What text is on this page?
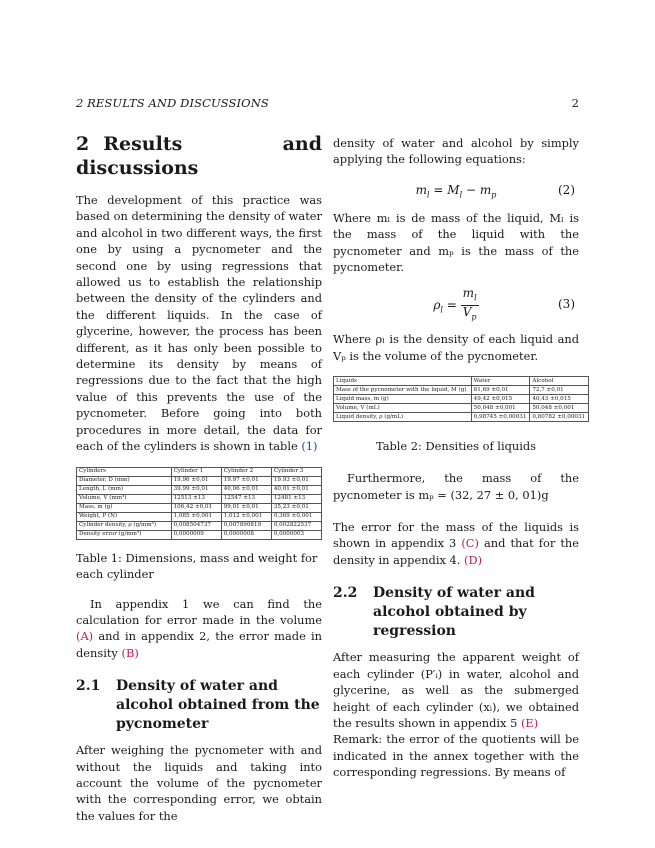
2 RESULTS AND DISCUSSIONS	2
2 Results and discussions

The development of this practice was based on determining the density of water and alcohol in two different ways, the first one by using a pycnometer and the second one by using regressions that allowed us to establish the relationship between the density of the cylinders and the different liquids. In the case of glycerine, however, the process has been different, as it has only been possible to determine its density by means of regressions due to the fact that the high value of this prevents the use of the pycnometer. Before going into both procedures in more detail, the data for each of the cylinders is shown in table (1)

Cylinders	Cylinder 1	Cylinder 2	Cylinder 3
Diameter, D (mm)	19.96 ±0,01	19.97 ±0,01	19.93 ±0,01
Length, L (mm)	39.99 ±0,01	40,06 ±0,01	40,01 ±0,01
Volume, V (mm³)	12513 ±13	12547 ±13	12481 ±13
Mass, m (g)	106,42 ±0,01	99,01 ±0,01	35,23 ±0,01
Weight, P (N)	1,085 ±0,001	1,012 ±0,001	0,369 ±0,001
Cylinder density, ρ (g/mm³)	0,008504737	0,007890819	0,002822537
Density error (g/mm³)	0,0000009	0,0000008	0,0000003

Table 1: Dimensions, mass and weight for each cylinder

In appendix 1 we can find the calculation for error made in the volume (A) and in appendix 2, the error made in density (B)

2.1	Density of water and alcohol obtained from the pycnometer

After weighing the pycnometer with and without the liquids and taking into account the volume of the pycnometer with the corresponding error, we obtain the values for the

density of water and alcohol by simply applying the following equations:

$m_l = M_l - m_p$	(2)

Where mₗ is de mass of the liquid, Mₗ is the mass of the liquid with the pycnometer and mₚ is the mass of the pycnometer.

$\rho_l = \frac{m_l}{V_p}$	(3)

Where ρₗ is the density of each liquid and Vₚ is the volume of the pycnometer.

Liquids	Water	Alcohol
Mass of the pycnometer with the liquid, M (g)	81,69 ±0,01	72,7 ±0,01
Liquid mass, m (g)	49,42 ±0,015	40,43 ±0,015
Volume, V (mL)	50,048 ±0,001	50,048 ±0,001
Liquid density, ρ (g/mL)	0,98745 ±0,00031	0,80782 ±0,00031

Table 2: Densities of liquids

Furthermore, the mass of the pycnometer is mₚ = (32, 27 ± 0, 01)g

The error for the mass of the liquids is shown in appendix 3 (C) and that for the density in appendix 4. (D)

2.2	Density of water and alcohol obtained by regression

After measuring the apparent weight of each cylinder (P′ᵢ) in water, alcohol and glycerine, as well as the submerged height of each cylinder (xᵢ), we obtained the results shown in appendix 5 (E)

Remark: the error of the quotients will be indicated in the annex together with the corresponding regressions. By means of
